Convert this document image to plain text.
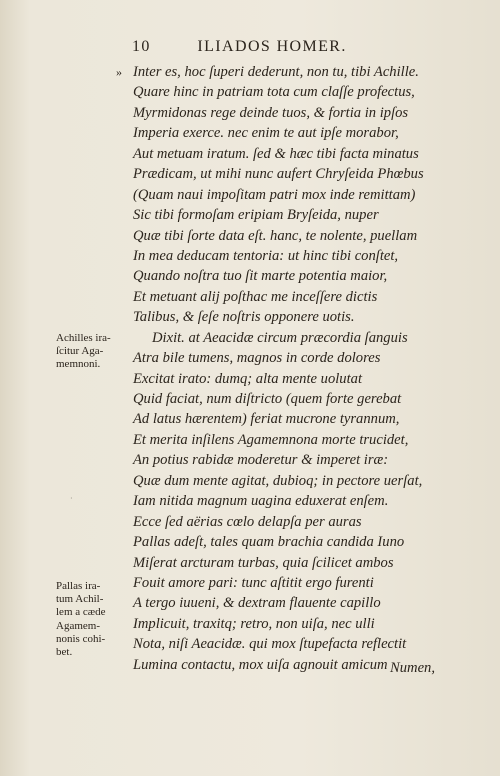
10	ILIADOS HOMER.
» Inter es, hoc ſuperi dederunt, non tu, tibi Achille.
Quare hinc in patriam tota cum claſſe profectus,
Myrmidonas rege deinde tuos, & fortia in ipſos
Imperia exerce. nec enim te aut ipſe morabor,
Aut metuam iratum. ſed & hæc tibi facta minatus
Prædicam, ut mihi nunc aufert Chryſeida Phœbus
(Quam naui impoſitam patri mox inde remittam)
Sic tibi formoſam eripiam Bryſeida, nuper
Quæ tibi ſorte data eſt. hanc, te nolente, puellam
In mea deducam tentoria: ut hinc tibi conſtet,
Quando noſtra tuo ſit marte potentia maior,
Et metuant alij poſthac me inceſſere dictis
Talibus, & ſeſe noſtris opponere uotis.
Dixit. at Aeacidæ circum præcordia ſanguis
Atra bile tumens, magnos in corde dolores
Excitat irato: dumq; alta mente uolutat
Quid faciat, num diſtricto (quem forte gerebat
Ad latus hærentem) feriat mucrone tyrannum,
Et merita inſilens Agamemnona morte trucidet,
An potius rabidæ moderetur & imperet iræ:
Quæ dum mente agitat, dubioq; in pectore uerſat,
Iam nitida magnum uagina eduxerat enſem.
Ecce ſed aërias cœlo delapſa per auras
Pallas adeſt, tales quam brachia candida Iuno
Miſerat arcturam turbas, quia ſcilicet ambos
Fouit amore pari: tunc aſtitit ergo furenti
A tergo iuueni, & dextram flauente capillo
Implicuit, traxitq; retro, non uiſa, nec ulli
Nota, niſi Aeacidæ. qui mox ſtupefacta reflectit
Lumina contactu, mox uiſa agnouit amicum Numen,
Achilles ira-
ſcitur Aga-
memnoni.
Pallas ira-
tum Achil-
lem a cæde
Agamem-
nonis cohi-
bet.
·
